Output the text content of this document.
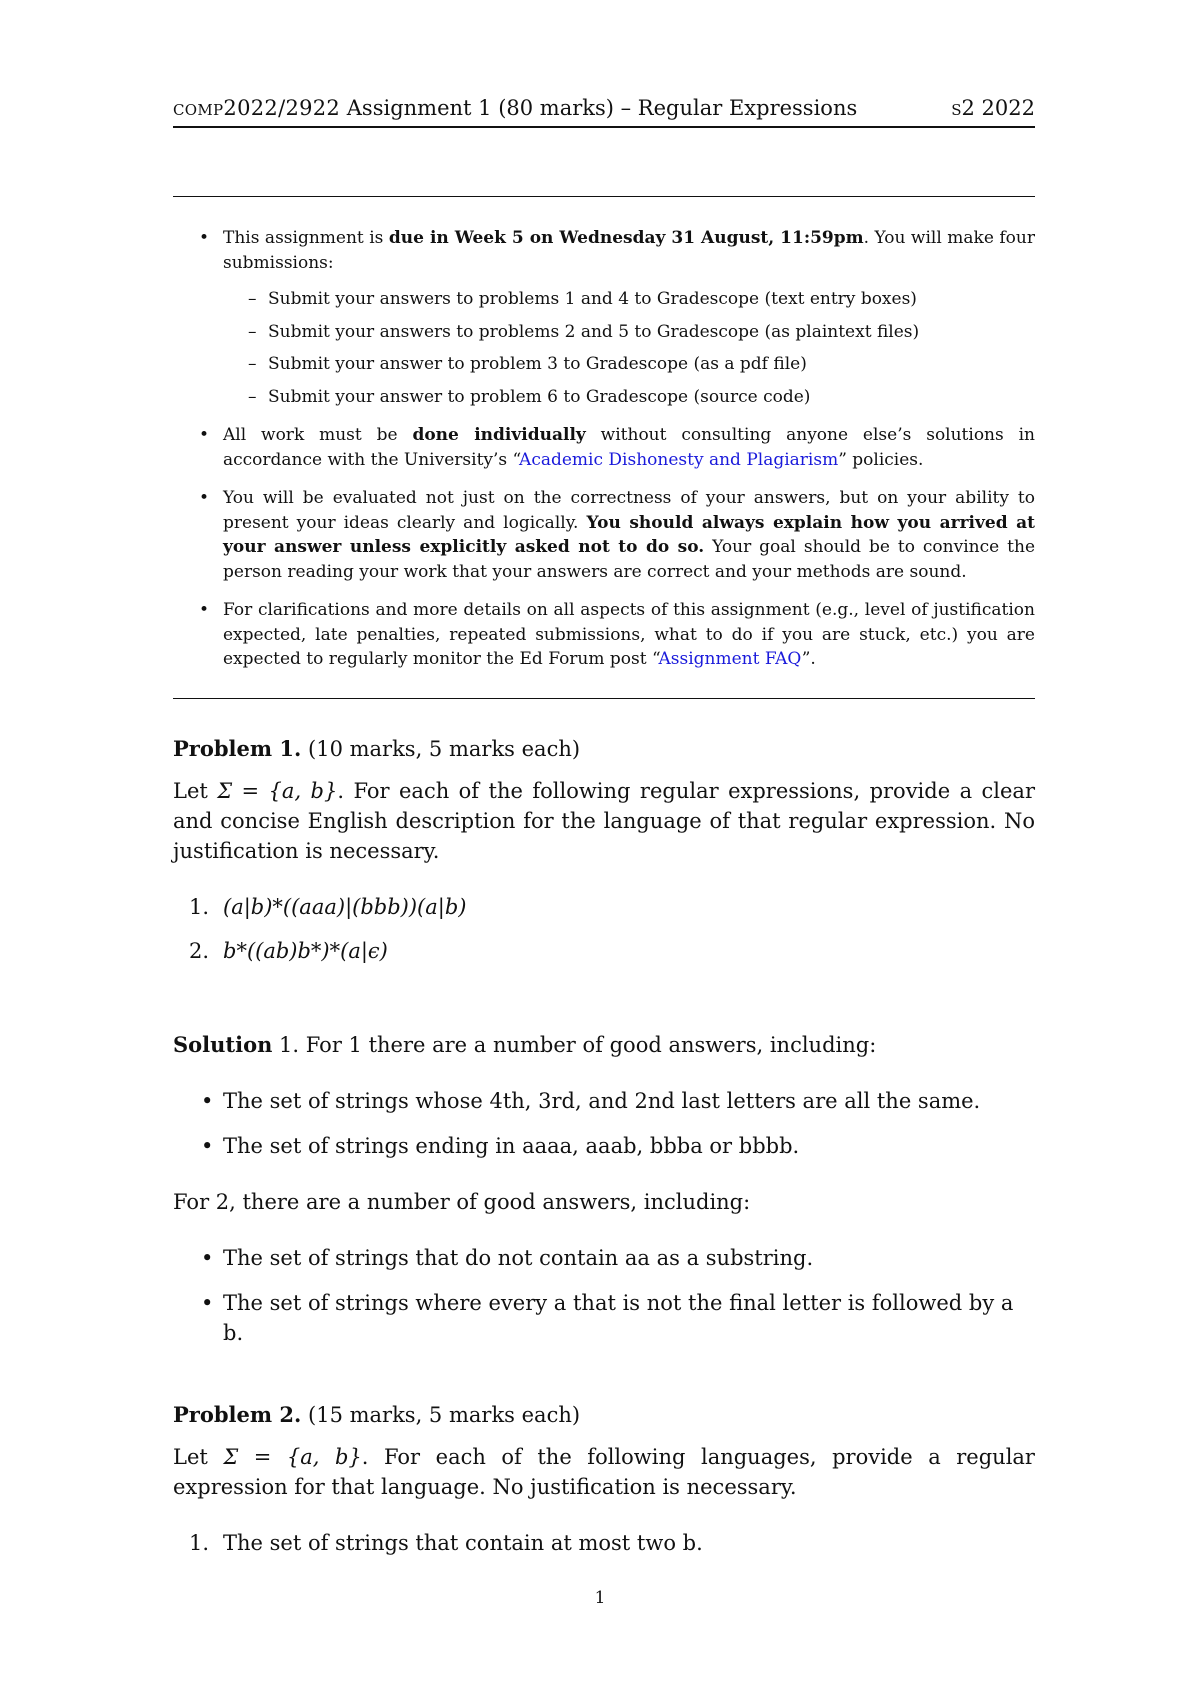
comp2022/2922 Assignment 1 (80 marks) – Regular Expressions	s2 2022
• This assignment is due in Week 5 on Wednesday 31 August, 11:59pm. You will make four submissions:
– Submit your answers to problems 1 and 4 to Gradescope (text entry boxes)
– Submit your answers to problems 2 and 5 to Gradescope (as plaintext files)
– Submit your answer to problem 3 to Gradescope (as a pdf file)
– Submit your answer to problem 6 to Gradescope (source code)
• All work must be done individually without consulting anyone else’s solutions in accordance with the University’s “Academic Dishonesty and Plagiarism” policies.
• You will be evaluated not just on the correctness of your answers, but on your ability to present your ideas clearly and logically. You should always explain how you arrived at your answer unless explicitly asked not to do so. Your goal should be to convince the person reading your work that your answers are correct and your methods are sound.
• For clarifications and more details on all aspects of this assignment (e.g., level of justification expected, late penalties, repeated submissions, what to do if you are stuck, etc.) you are expected to regularly monitor the Ed Forum post “Assignment FAQ”.

Problem 1. (10 marks, 5 marks each)

Let Σ = {a, b}. For each of the following regular expressions, provide a clear and concise English description for the language of that regular expression. No justification is necessary.

1. (a|b)*((aaa)|(bbb))(a|b)
2. b*((ab)b*)*(a|ϵ)

Solution 1. For 1 there are a number of good answers, including:

• The set of strings whose 4th, 3rd, and 2nd last letters are all the same.
• The set of strings ending in aaaa, aaab, bbba or bbbb.

For 2, there are a number of good answers, including:

• The set of strings that do not contain aa as a substring.
• The set of strings where every a that is not the final letter is followed by a b.

Problem 2. (15 marks, 5 marks each)

Let Σ = {a, b}. For each of the following languages, provide a regular expression for that language. No justification is necessary.

1. The set of strings that contain at most two b.
1
